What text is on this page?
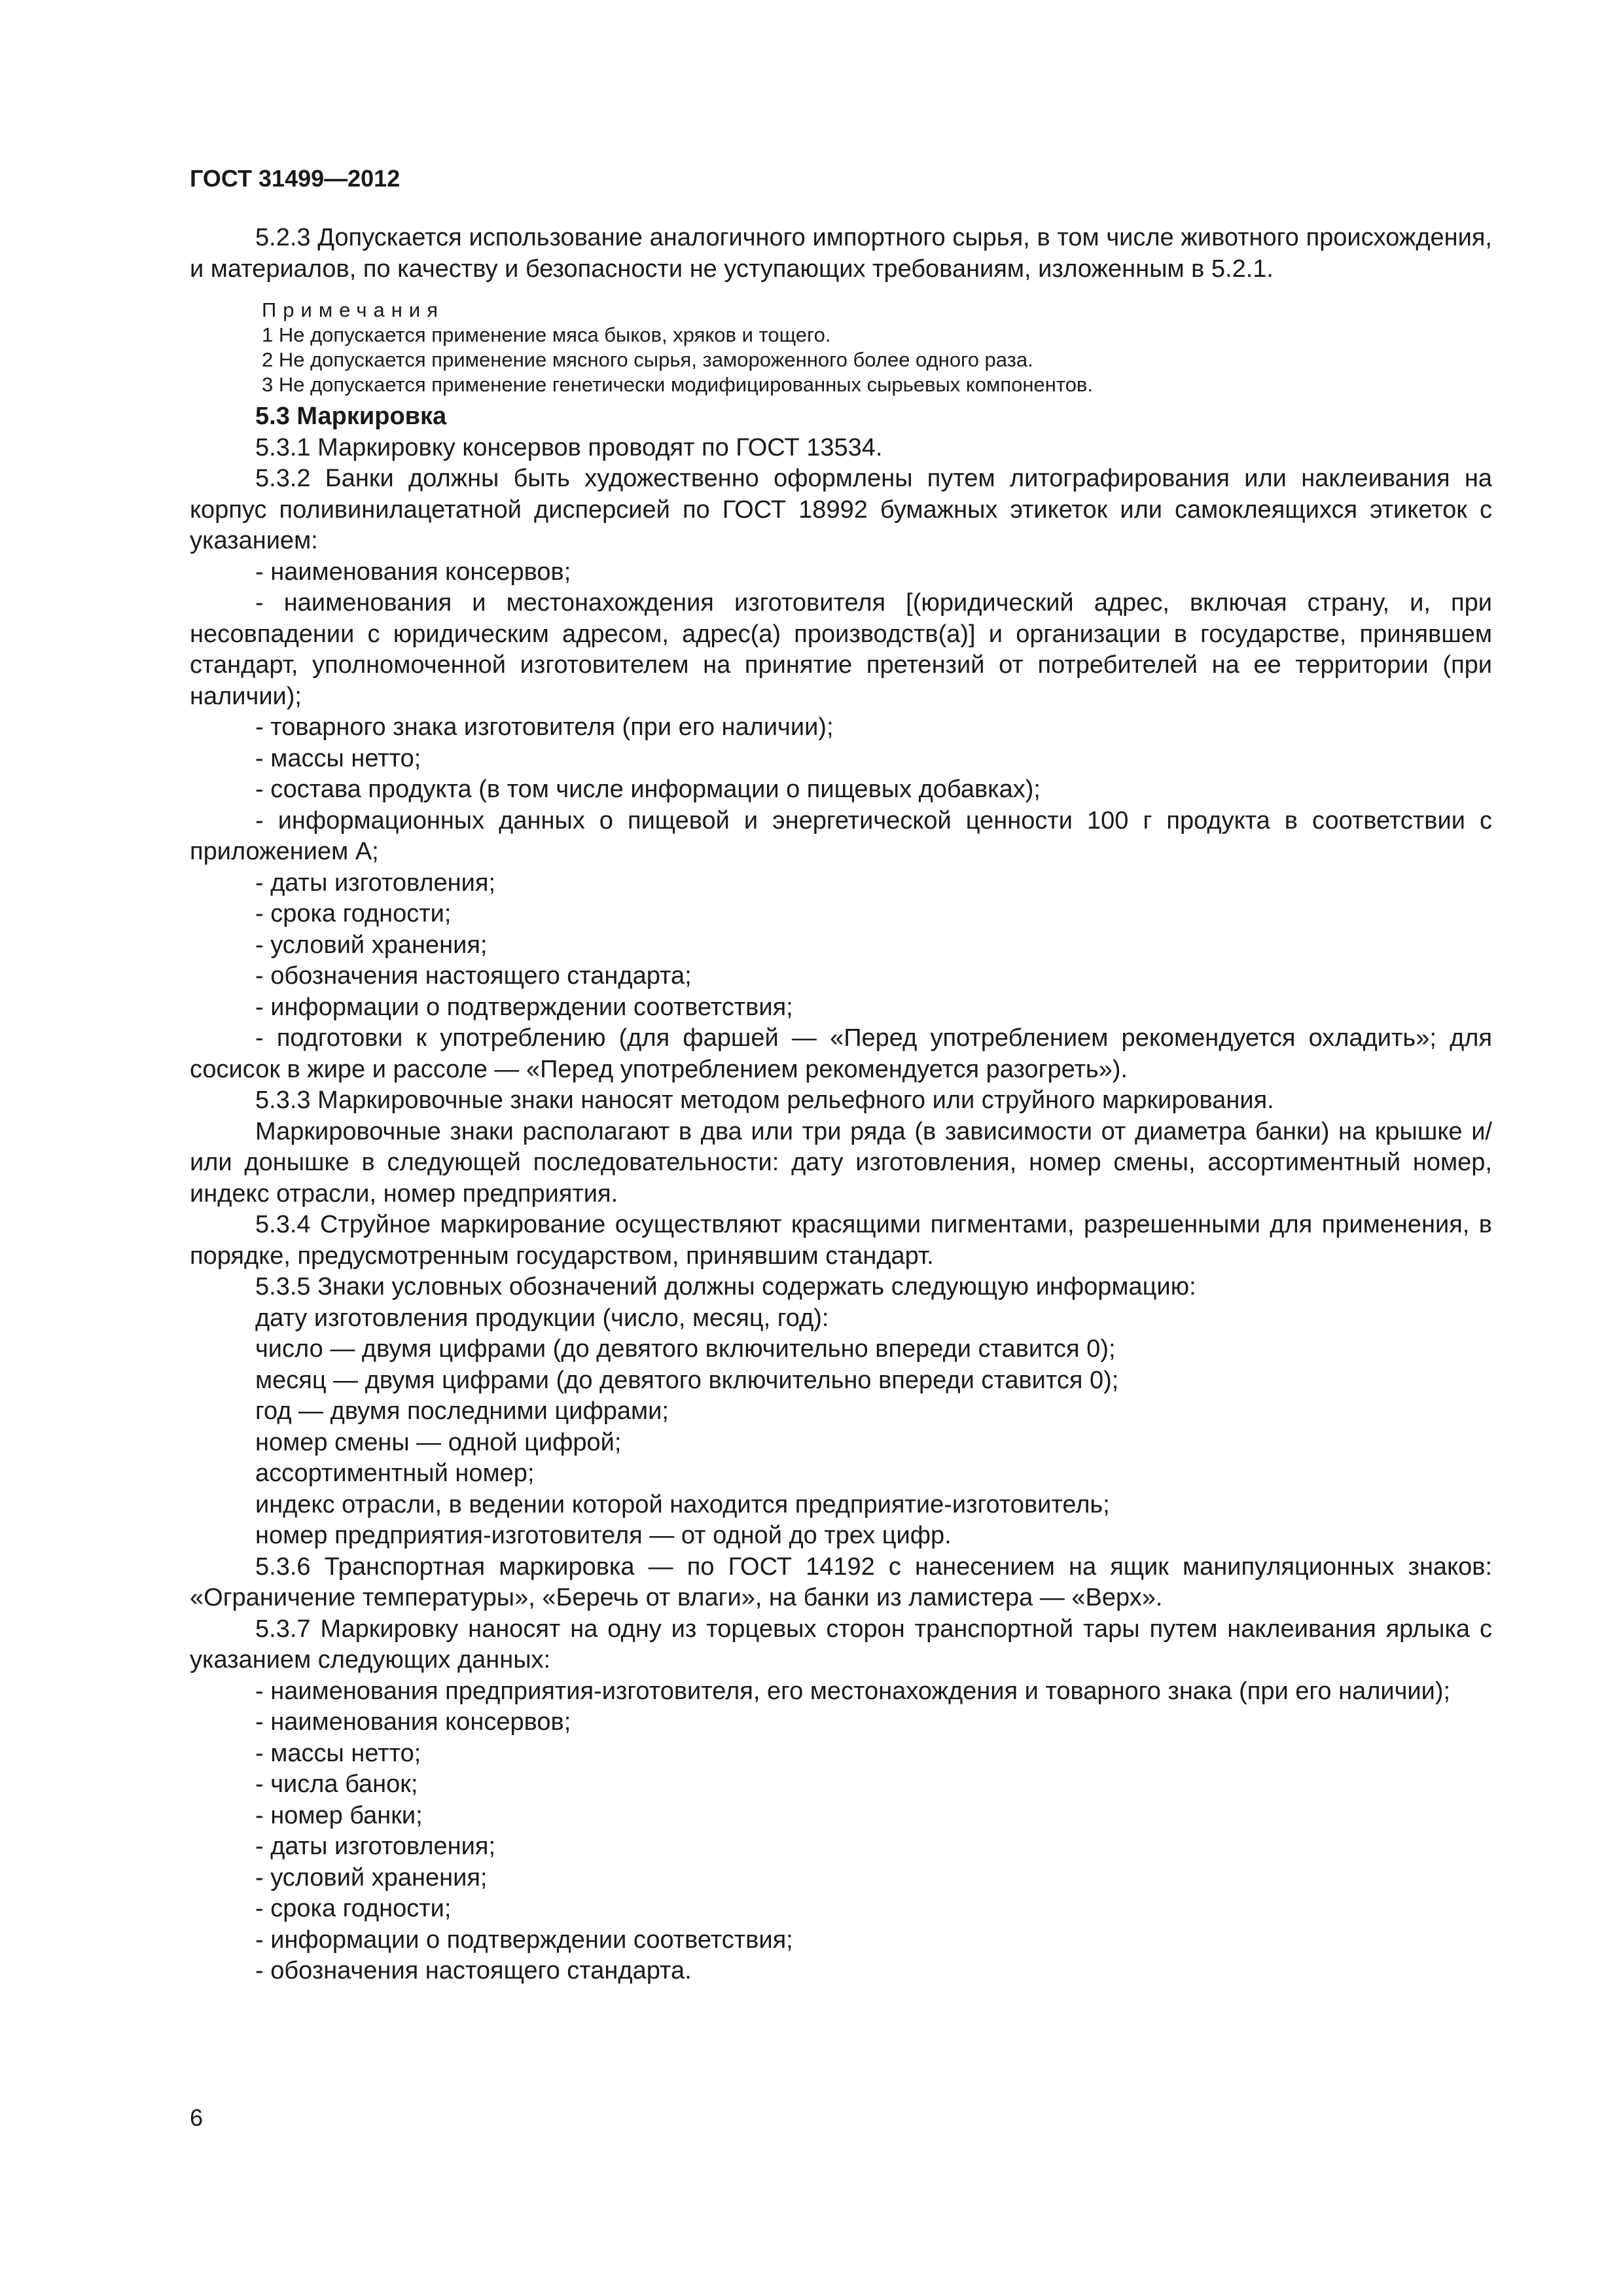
ГОСТ 31499—2012

5.2.3 Допускается использование аналогичного импортного сырья, в том числе животного происхождения, и материалов, по качеству и безопасности не уступающих требованиям, изложенным в 5.2.1.

Примечания

1 Не допускается применение мяса быков, хряков и тощего.

2 Не допускается применение мясного сырья, замороженного более одного раза.

3 Не допускается применение генетически модифицированных сырьевых компонентов.

5.3 Маркировка

5.3.1 Маркировку консервов проводят по ГОСТ 13534.

5.3.2 Банки должны быть художественно оформлены путем литографирования или наклеивания на корпус поливинилацетатной дисперсией по ГОСТ 18992 бумажных этикеток или самоклеящихся этикеток с указанием:

- наименования консервов;

- наименования и местонахождения изготовителя [(юридический адрес, включая страну, и, при несовпадении с юридическим адресом, адрес(а) производств(а)] и организации в государстве, принявшем стандарт, уполномоченной изготовителем на принятие претензий от потребителей на ее территории (при наличии);

- товарного знака изготовителя (при его наличии);

- массы нетто;

- состава продукта (в том числе информации о пищевых добавках);

- информационных данных о пищевой и энергетической ценности 100 г продукта в соответствии с приложением А;

- даты изготовления;

- срока годности;

- условий хранения;

- обозначения настоящего стандарта;

- информации о подтверждении соответствия;

- подготовки к употреблению (для фаршей — «Перед употреблением рекомендуется охладить»; для сосисок в жире и рассоле — «Перед употреблением рекомендуется разогреть»).

5.3.3 Маркировочные знаки наносят методом рельефного или струйного маркирования.

Маркировочные знаки располагают в два или три ряда (в зависимости от диаметра банки) на крышке и/или донышке в следующей последовательности: дату изготовления, номер смены, ассортиментный номер, индекс отрасли, номер предприятия.

5.3.4 Струйное маркирование осуществляют красящими пигментами, разрешенными для применения, в порядке, предусмотренным государством, принявшим стандарт.

5.3.5 Знаки условных обозначений должны содержать следующую информацию:

дату изготовления продукции (число, месяц, год):

число — двумя цифрами (до девятого включительно впереди ставится 0);

месяц — двумя цифрами (до девятого включительно впереди ставится 0);

год — двумя последними цифрами;

номер смены — одной цифрой;

ассортиментный номер;

индекс отрасли, в ведении которой находится предприятие-изготовитель;

номер предприятия-изготовителя — от одной до трех цифр.

5.3.6 Транспортная маркировка — по ГОСТ 14192 с нанесением на ящик манипуляционных знаков: «Ограничение температуры», «Беречь от влаги», на банки из ламистера — «Верх».

5.3.7 Маркировку наносят на одну из торцевых сторон транспортной тары путем наклеивания ярлыка с указанием следующих данных:

- наименования предприятия-изготовителя, его местонахождения и товарного знака (при его наличии);

- наименования консервов;

- массы нетто;

- числа банок;

- номер банки;

- даты изготовления;

- условий хранения;

- срока годности;

- информации о подтверждении соответствия;

- обозначения настоящего стандарта.

6
